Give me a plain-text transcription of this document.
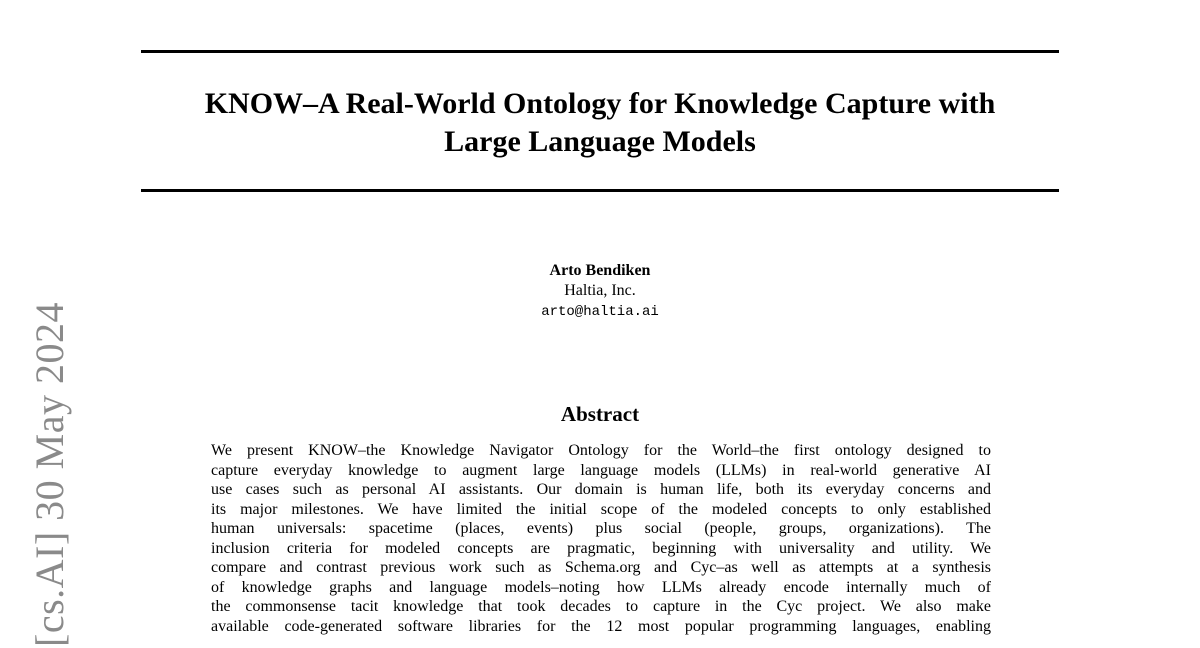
KNOW–A Real-World Ontology for Knowledge Capture with
Large Language Models
Arto Bendiken
Haltia, Inc.
arto@haltia.ai
Abstract
We present KNOW–the Knowledge Navigator Ontology for the World–the first ontology designed to
capture everyday knowledge to augment large language models (LLMs) in real-world generative AI
use cases such as personal AI assistants. Our domain is human life, both its everyday concerns and
its major milestones. We have limited the initial scope of the modeled concepts to only established
human universals: spacetime (places, events) plus social (people, groups, organizations). The
inclusion criteria for modeled concepts are pragmatic, beginning with universality and utility. We
compare and contrast previous work such as Schema.org and Cyc–as well as attempts at a synthesis
of knowledge graphs and language models–noting how LLMs already encode internally much of
the commonsense tacit knowledge that took decades to capture in the Cyc project. We also make
available code-generated software libraries for the 12 most popular programming languages, enabling
[cs.AI] 30 May 2024
